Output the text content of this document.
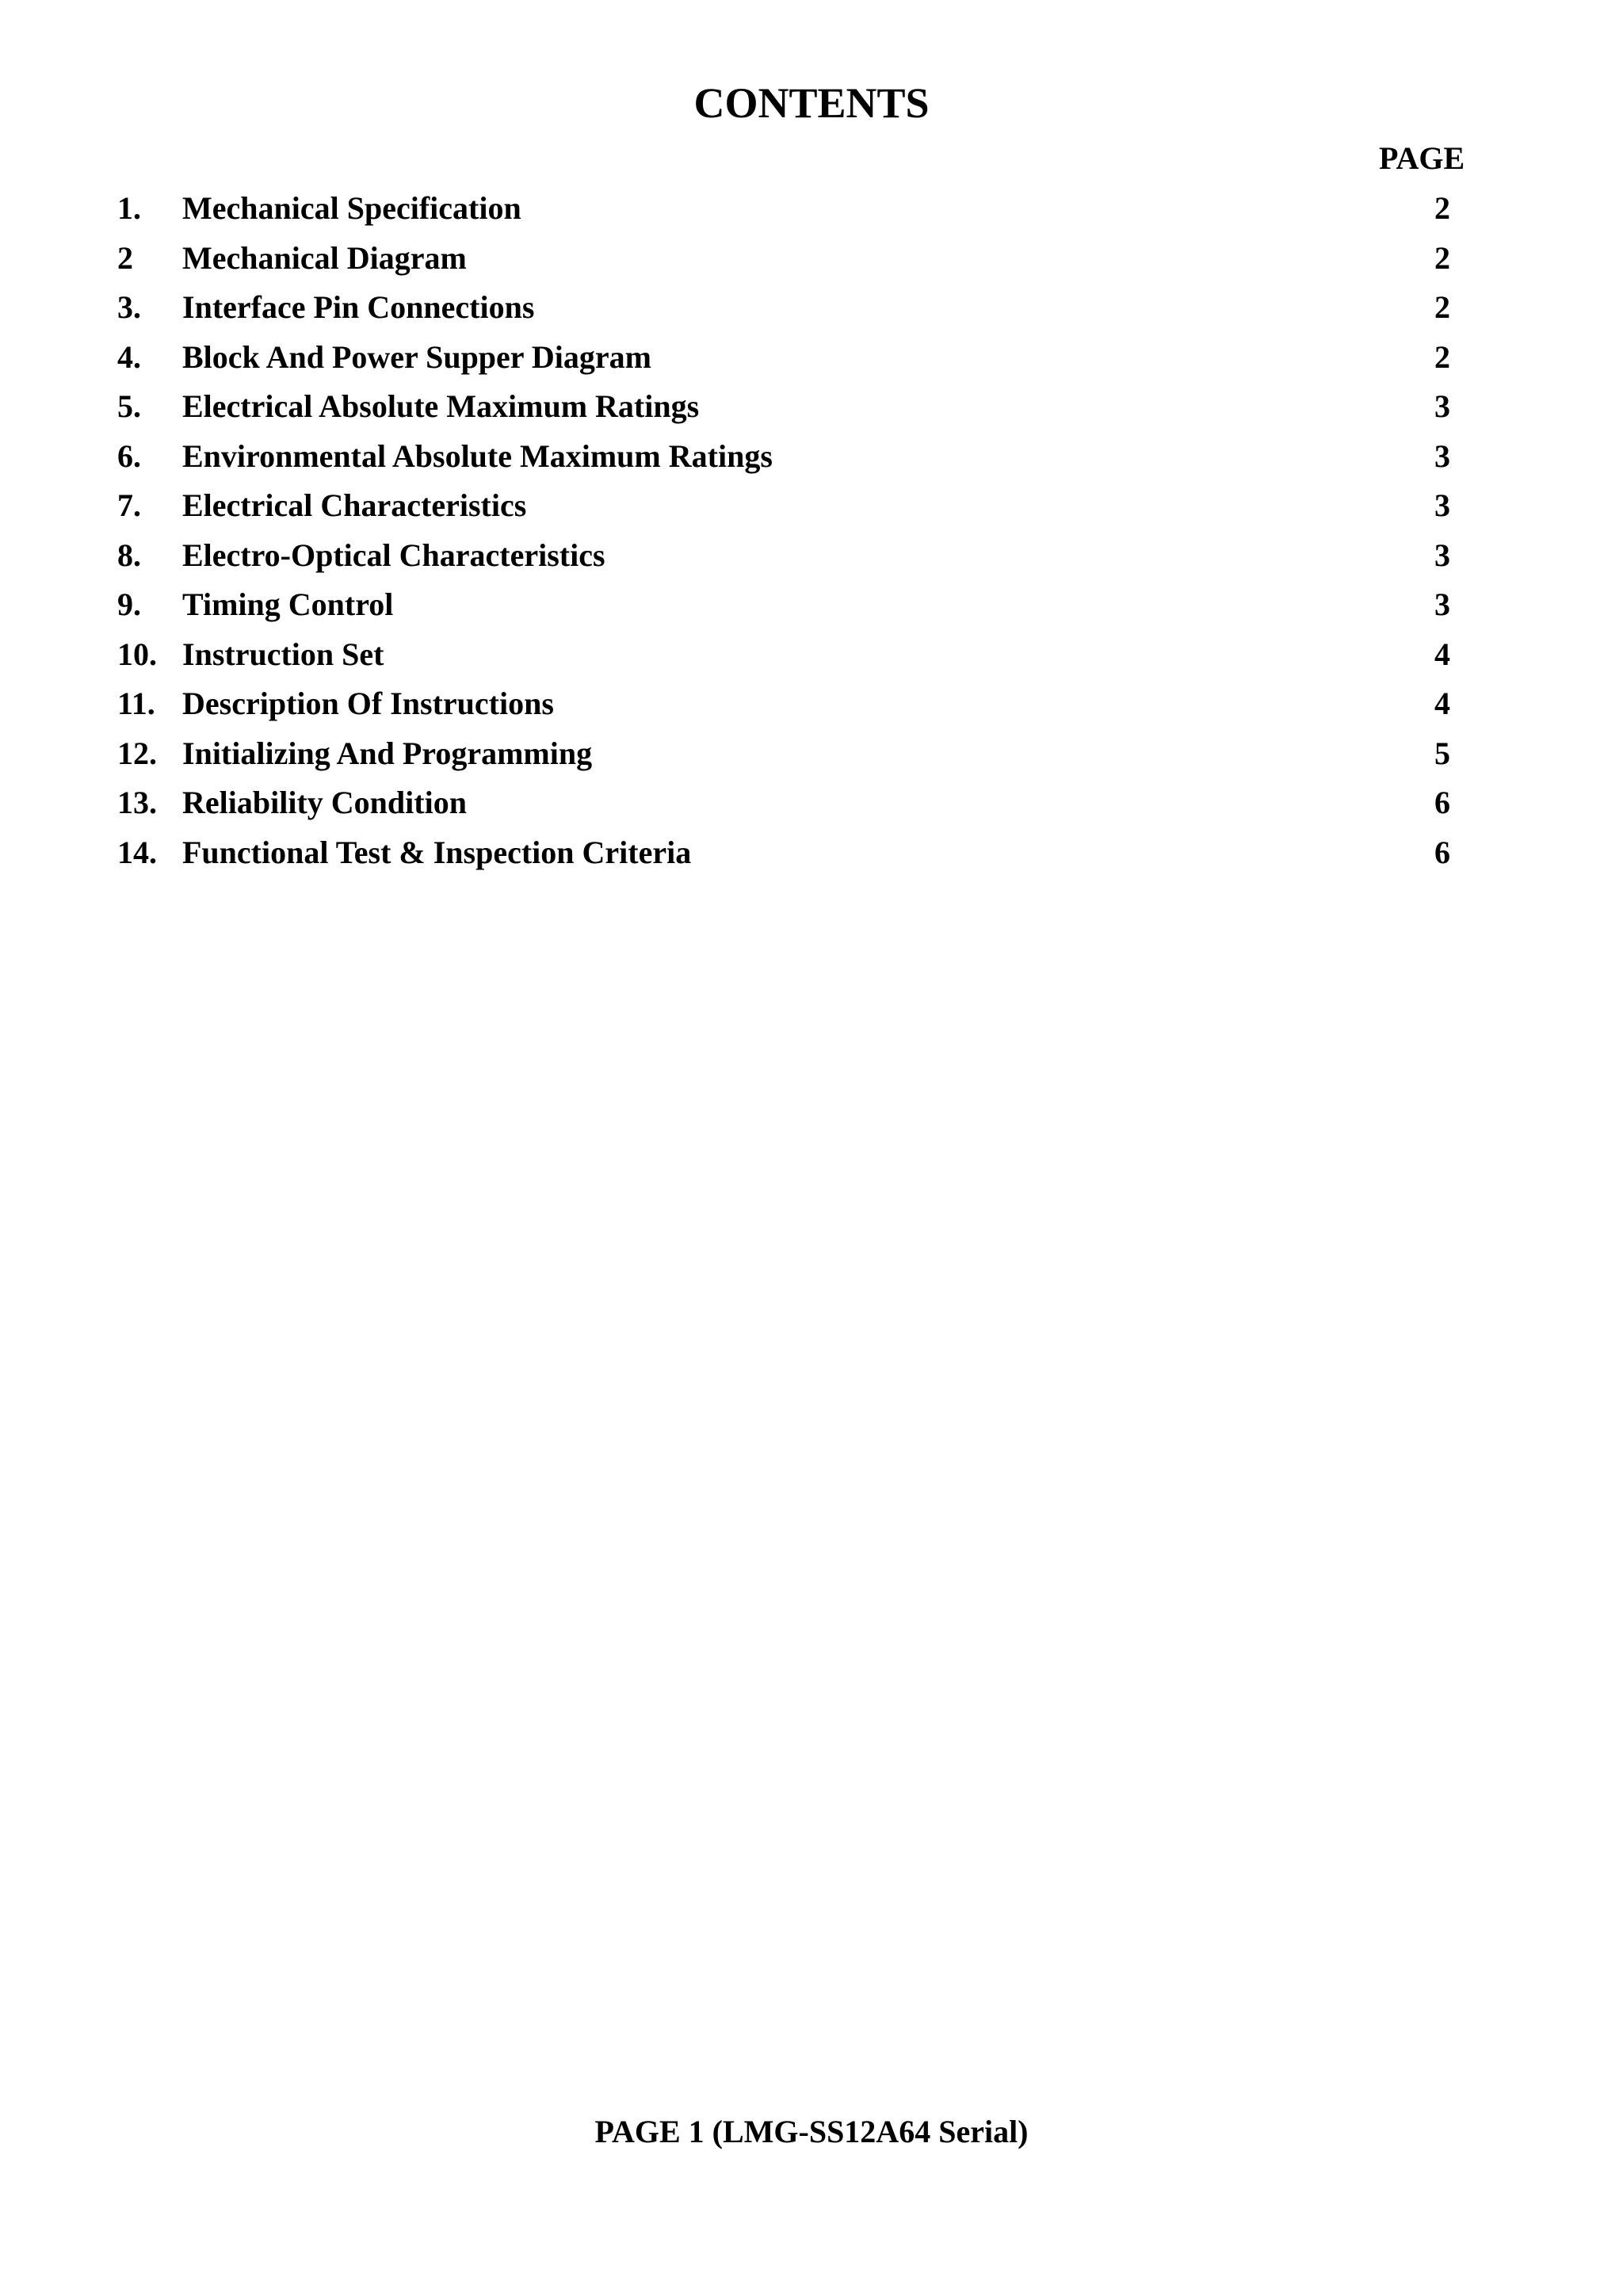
CONTENTS
PAGE
1. Mechanical Specification	2
2 Mechanical Diagram	2
3. Interface Pin Connections	2
4. Block And Power Supper Diagram	2
5. Electrical Absolute Maximum Ratings	3
6. Environmental Absolute Maximum Ratings	3
7. Electrical Characteristics	3
8. Electro-Optical Characteristics	3
9. Timing Control	3
10. Instruction Set	4
11. Description Of Instructions	4
12. Initializing And Programming	5
13. Reliability Condition	6
14. Functional Test & Inspection Criteria	6
PAGE 1 (LMG-SS12A64 Serial)
